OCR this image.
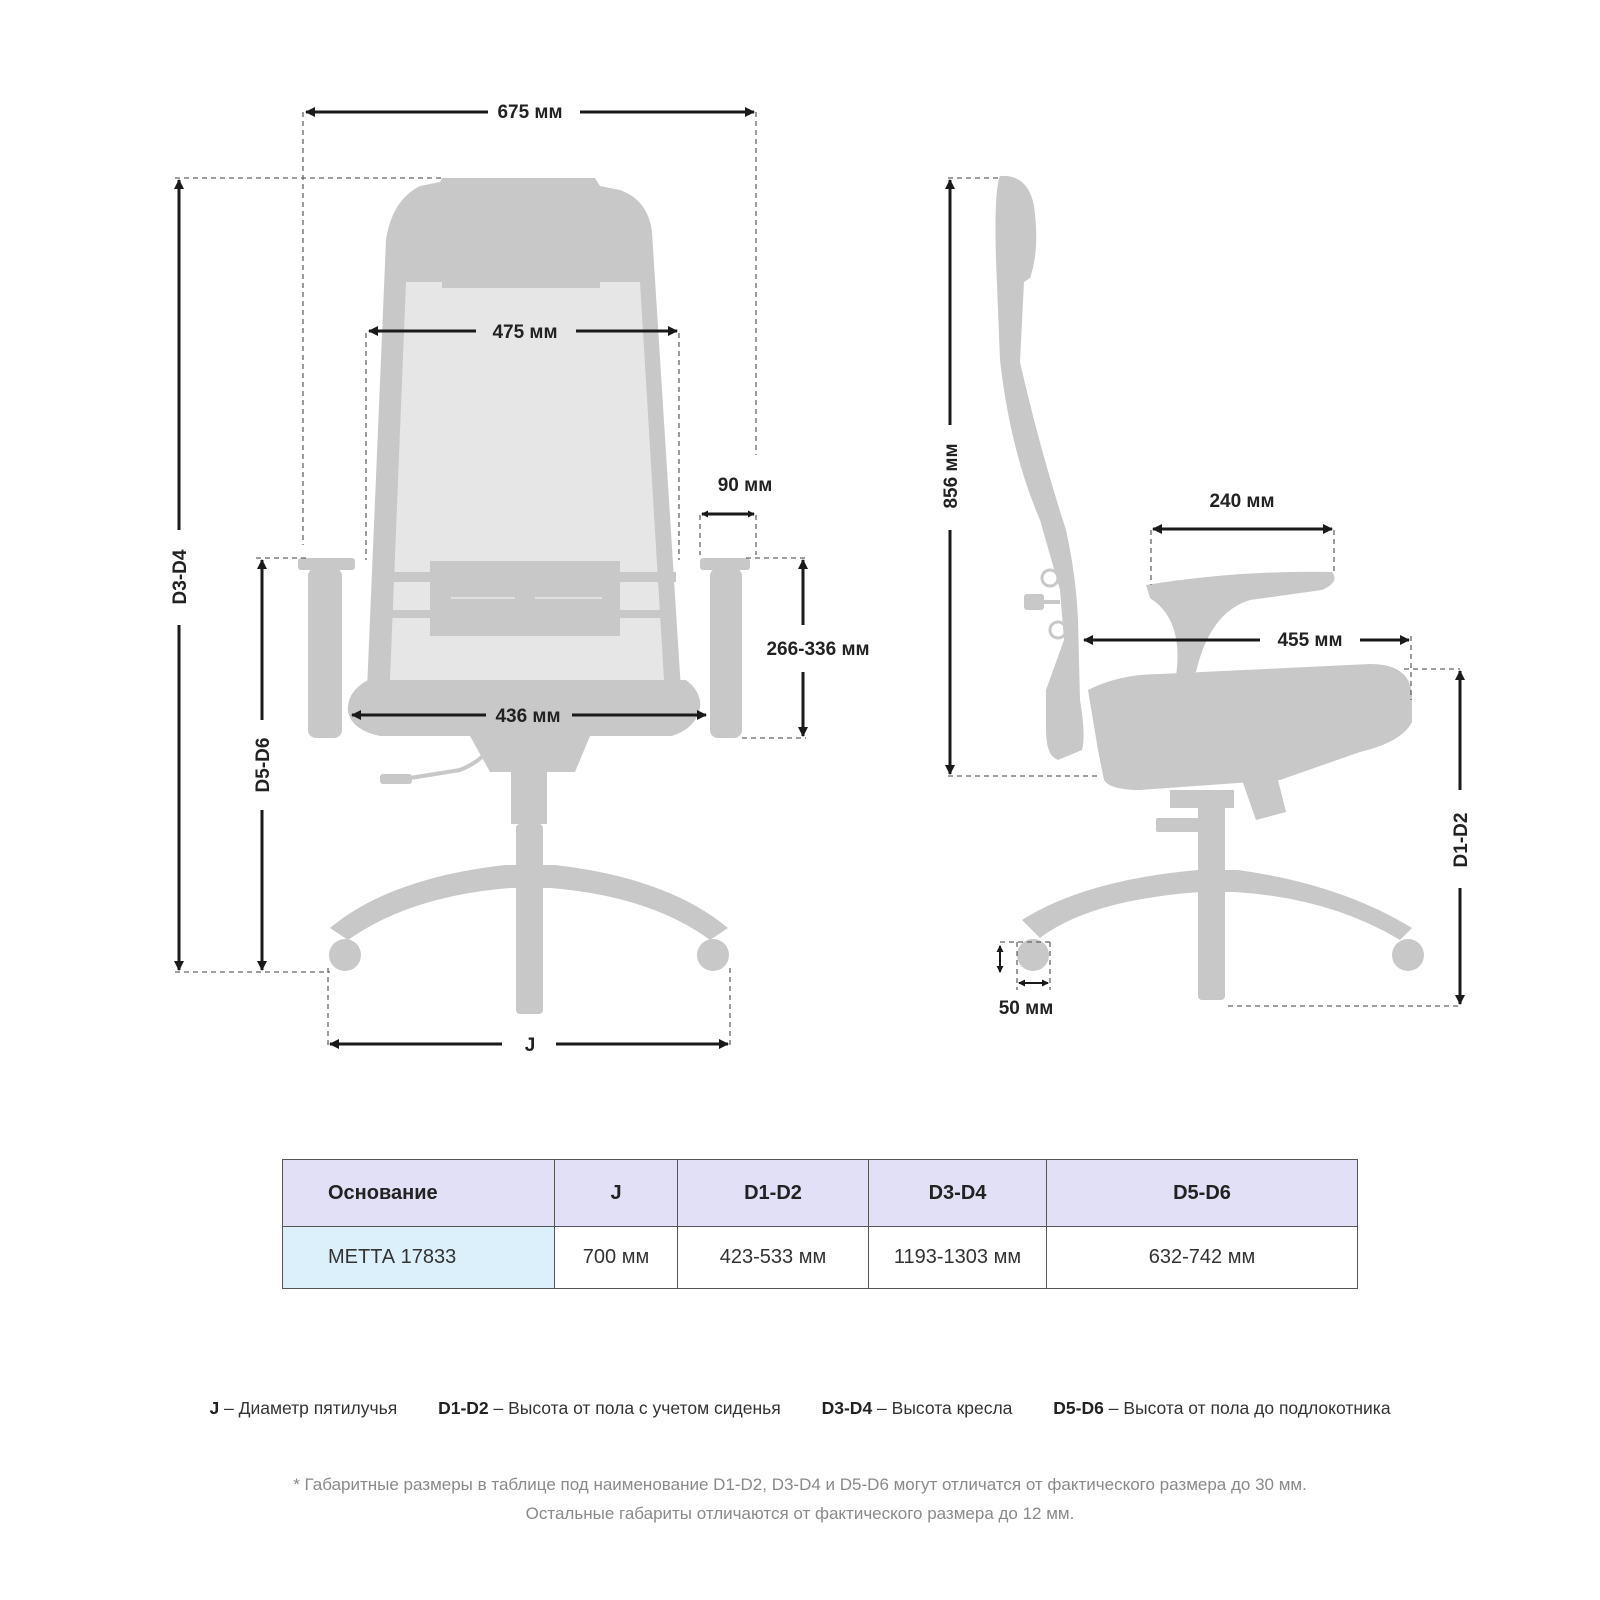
675 мм
475 мм
90 мм
266-336 мм
436 мм
D3-D4
D5-D6
J
856 мм	240 мм
455 мм
D1-D2
50 мм
Основание	J	D1-D2	D3-D4	D5-D6
МЕТТА 17833	700 мм	423-533 мм	1193-1303 мм	632-742 мм
J – Диаметр пятилучья D1-D2 – Высота от пола с учетом сиденья D3-D4 – Высота кресла D5-D6 – Высота от пола до подлокотника
* Габаритные размеры в таблице под наименование D1-D2, D3-D4 и D5-D6 могут отличатся от фактического размера до 30 мм.
Остальные габариты отличаются от фактического размера до 12 мм.
